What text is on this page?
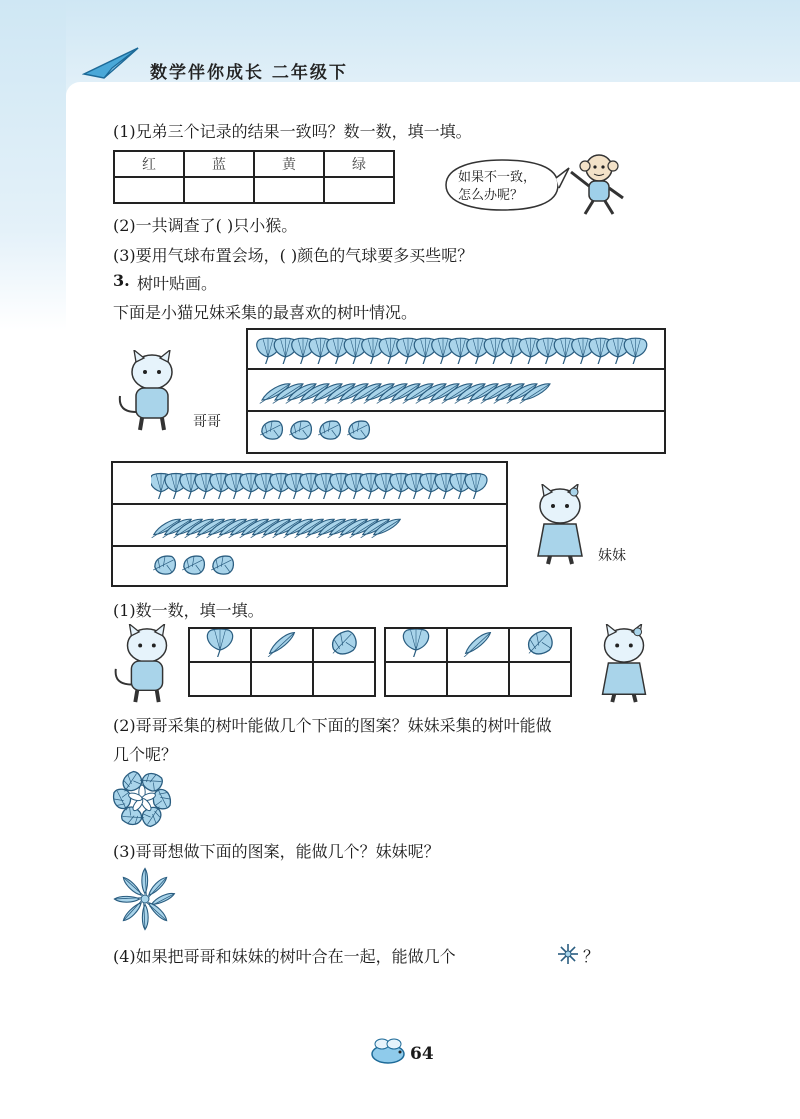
数学伴你成长 二年级下
(1)兄弟三个记录的结果一致吗？数一数，填一填。
红	蓝	黄	绿

如果不一致，
怎么办呢？
(2)一共调查了( )只小猴。
(3)要用气球布置会场，( )颜色的气球要多买些呢？
3. 树叶贴画。
下面是小猫兄妹采集的最喜欢的树叶情况。
哥哥
妹妹
(1)数一数，填一填。

(2)哥哥采集的树叶能做几个下面的图案？妹妹采集的树叶能做
几个呢？
(3)哥哥想做下面的图案，能做几个？妹妹呢？
(4)如果把哥哥和妹妹的树叶合在一起，能做几个	？
64
